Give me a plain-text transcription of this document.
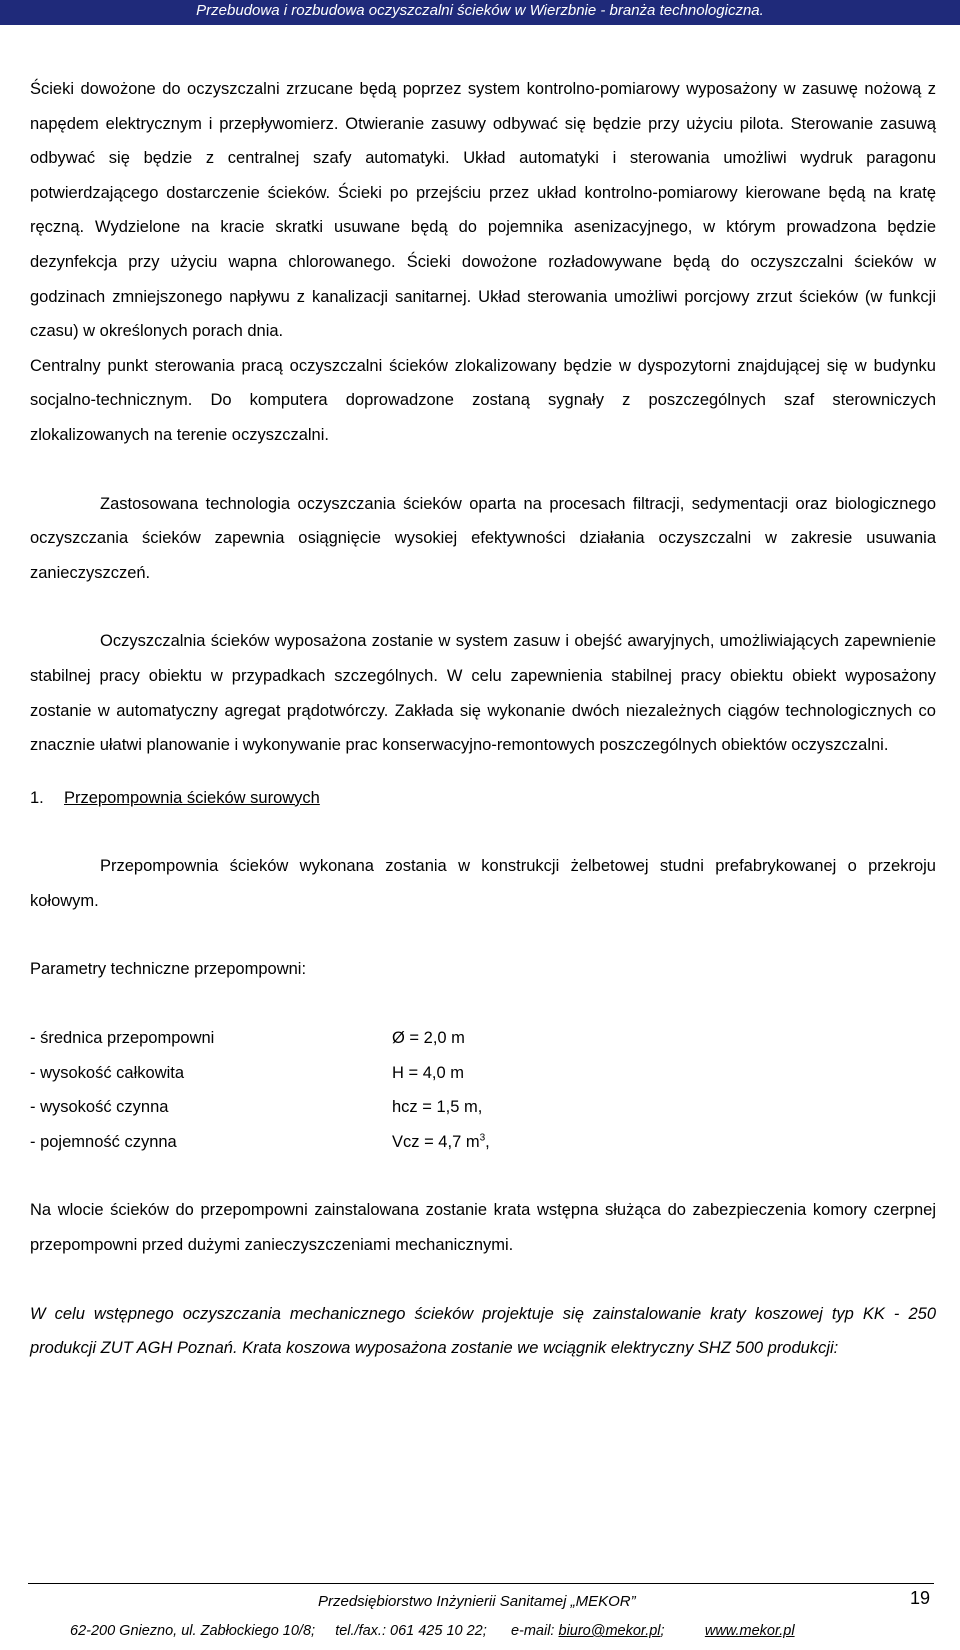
Przebudowa i rozbudowa oczyszczalni ścieków w Wierzbnie - branża technologiczna.

Ścieki dowożone do oczyszczalni zrzucane będą poprzez system kontrolno-pomiarowy wyposażony w zasuwę nożową z napędem elektrycznym i przepływomierz. Otwieranie zasuwy odbywać się będzie przy użyciu pilota. Sterowanie zasuwą odbywać się będzie z centralnej szafy automatyki. Układ automatyki i sterowania umożliwi wydruk paragonu potwierdzającego dostarczenie ścieków. Ścieki po przejściu przez układ kontrolno-pomiarowy kierowane będą na kratę ręczną. Wydzielone na kracie skratki usuwane będą do pojemnika asenizacyjnego, w którym prowadzona będzie dezynfekcja przy użyciu wapna chlorowanego. Ścieki dowożone rozładowywane będą do oczyszczalni ścieków w godzinach zmniejszonego napływu z kanalizacji sanitarnej. Układ sterowania umożliwi porcjowy zrzut ścieków (w funkcji czasu) w określonych porach dnia.

Centralny punkt sterowania pracą oczyszczalni ścieków zlokalizowany będzie w dyspozytorni znajdującej się w budynku socjalno-technicznym. Do komputera doprowadzone zostaną sygnały z poszczególnych szaf sterowniczych zlokalizowanych na terenie oczyszczalni.

Zastosowana technologia oczyszczania ścieków oparta na procesach filtracji, sedymentacji oraz biologicznego oczyszczania ścieków zapewnia osiągnięcie wysokiej efektywności działania oczyszczalni w zakresie usuwania zanieczyszczeń.

Oczyszczalnia ścieków wyposażona zostanie w system zasuw i obejść awaryjnych, umożliwiających zapewnienie stabilnej pracy obiektu w przypadkach szczególnych. W celu zapewnienia stabilnej pracy obiektu obiekt wyposażony zostanie w automatyczny agregat prądotwórczy. Zakłada się wykonanie dwóch niezależnych ciągów technologicznych co znacznie ułatwi planowanie i wykonywanie prac konserwacyjno-remontowych poszczególnych obiektów oczyszczalni.

1.	Przepompownia ścieków surowych

Przepompownia ścieków wykonana zostania w konstrukcji żelbetowej studni prefabrykowanej o przekroju kołowym.

Parametry techniczne przepompowni:

- średnica przepompowni	Ø = 2,0 m
- wysokość całkowita	H = 4,0 m
- wysokość czynna	hcz = 1,5 m,
- pojemność czynna	Vcz = 4,7 $m^3$,

Na wlocie ścieków do przepompowni zainstalowana zostanie krata wstępna służąca do zabezpieczenia komory czerpnej przepompowni przed dużymi zanieczyszczeniami mechanicznymi.

W celu wstępnego oczyszczania mechanicznego ścieków projektuje się zainstalowanie kraty koszowej typ KK - 250 produkcji ZUT AGH Poznań. Krata koszowa wyposażona zostanie we wciągnik elektryczny SHZ 500 produkcji:

Przedsiębiorstwo Inżynierii Sanitamej „MEKOR”	19
62-200 Gniezno, ul. Zabłockiego 10/8;
tel./fax.: 061 425 10 22;
e-mail: biuro@mekor.pl ;
	www.mekor.pl
